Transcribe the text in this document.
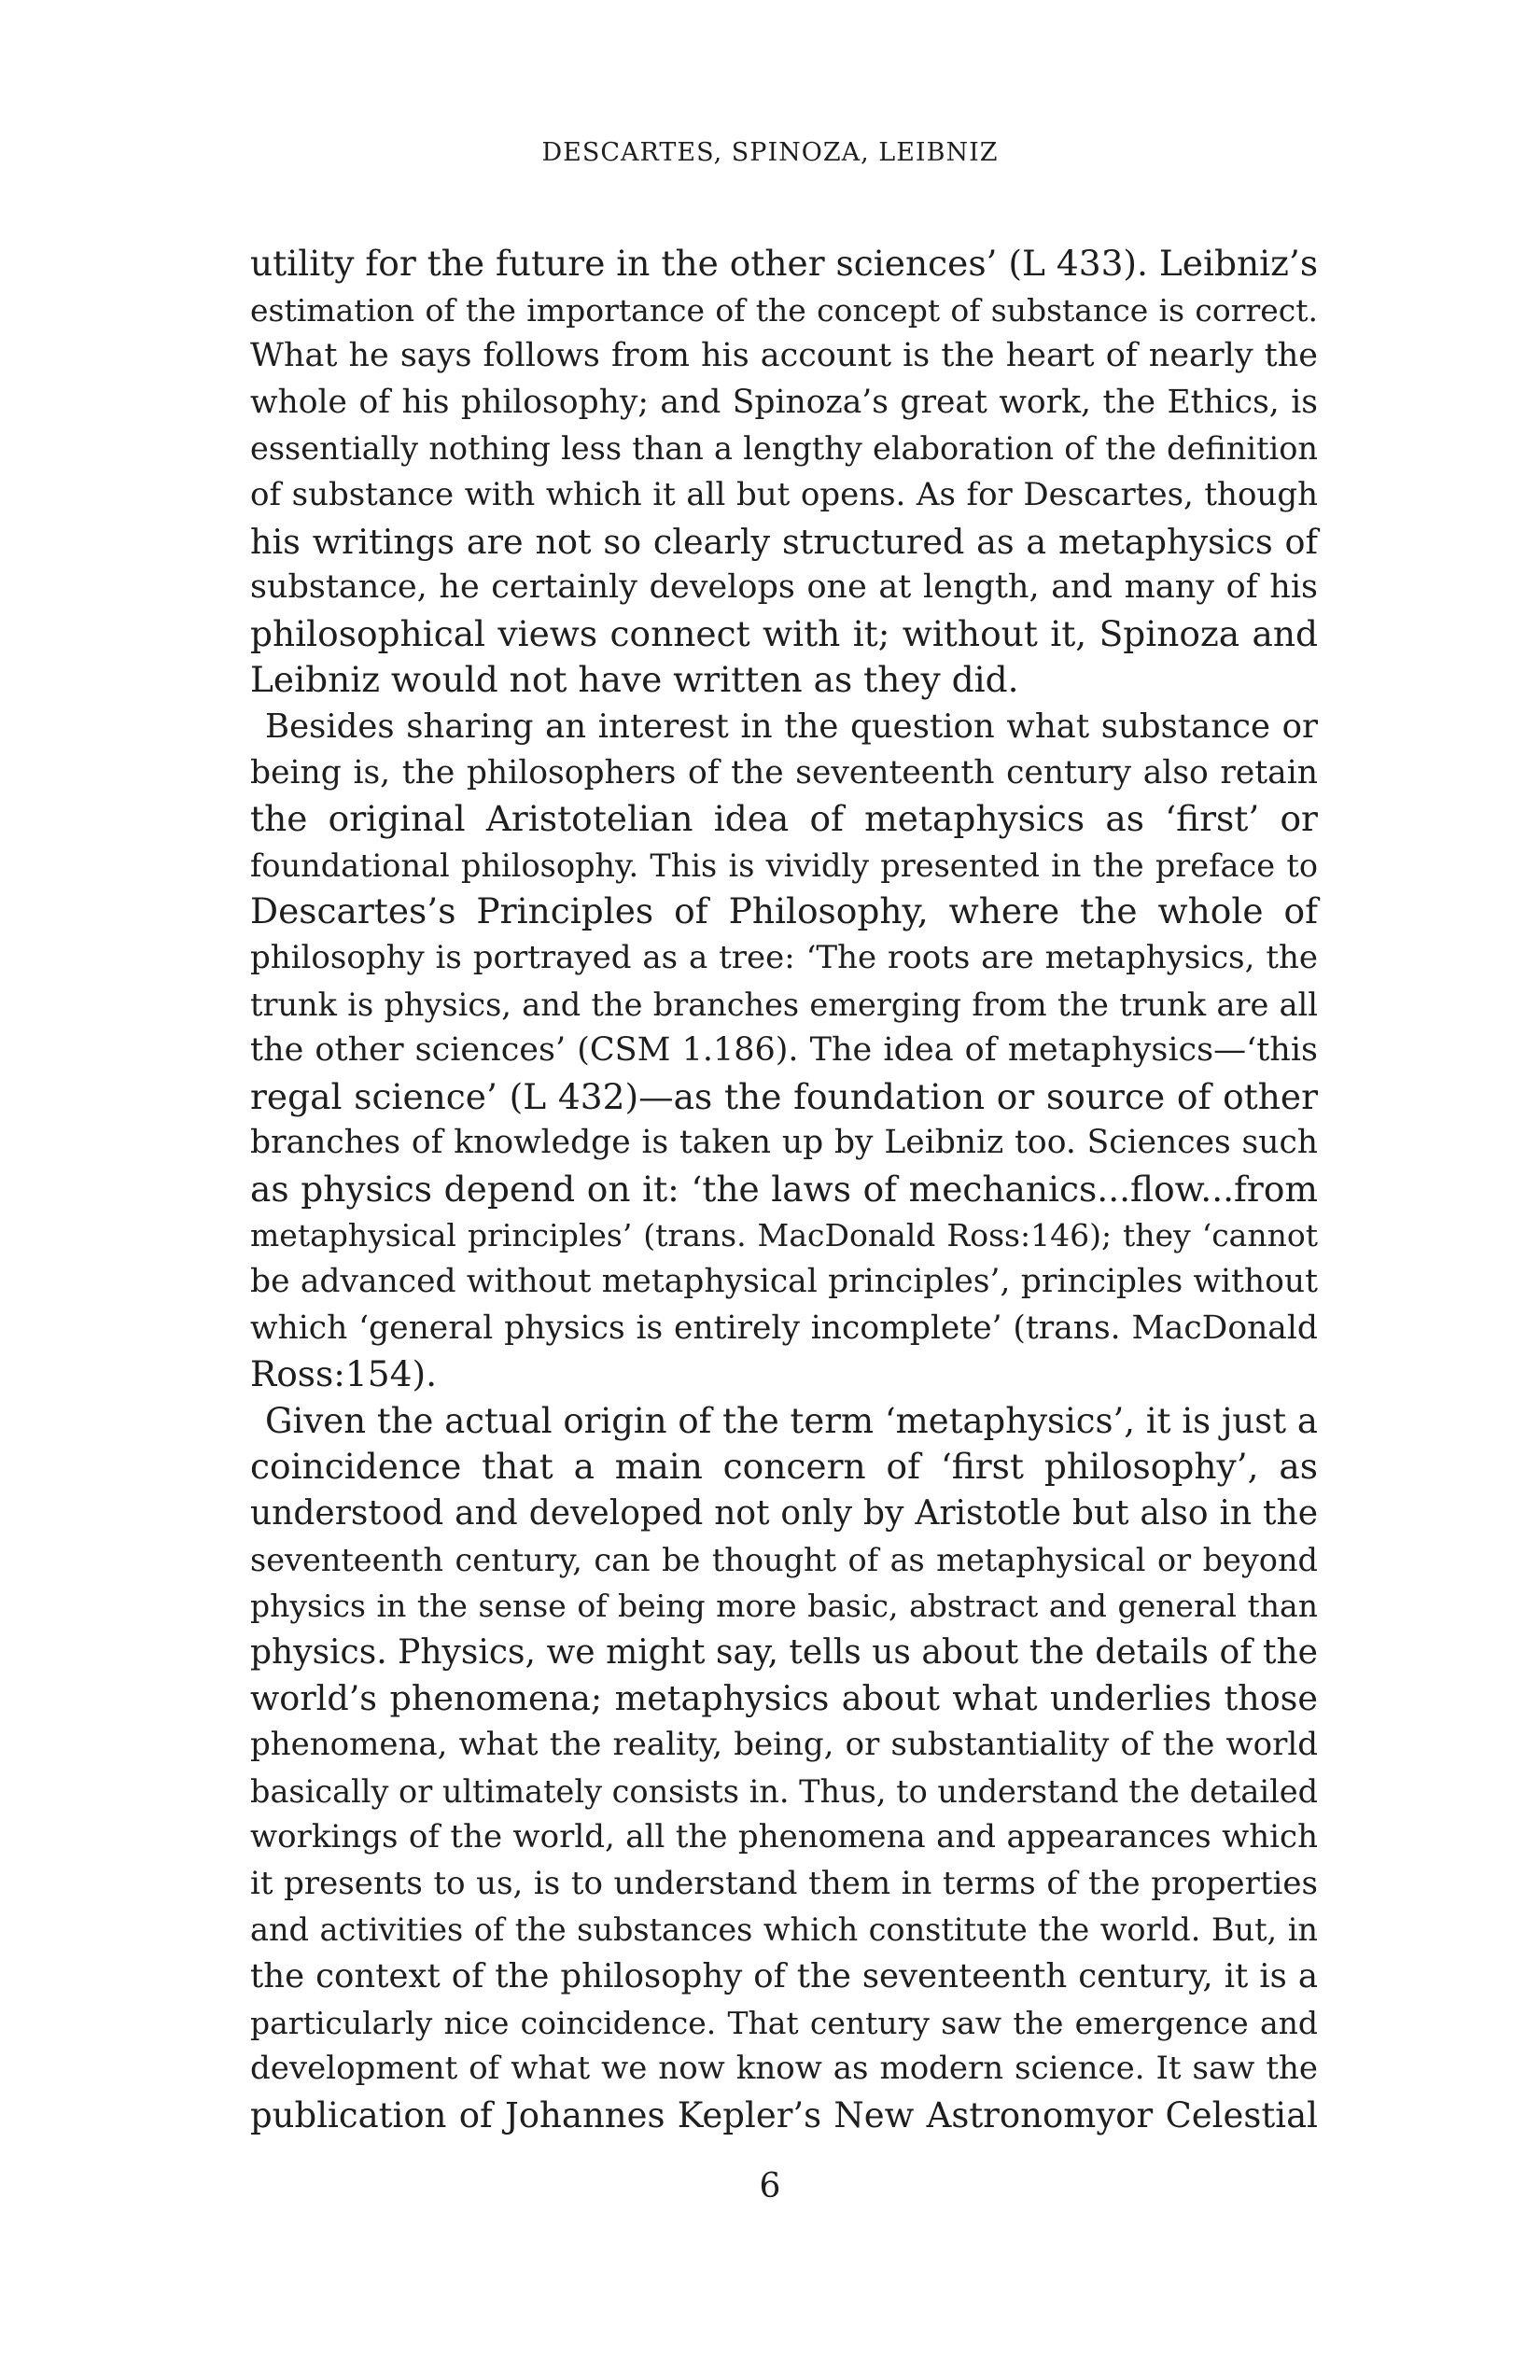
DESCARTES, SPINOZA, LEIBNIZ
utility for the future in the other sciences’ (L 433). Leibniz’s
estimation of the importance of the concept of substance is correct.
What he says follows from his account is the heart of nearly the
whole of his philosophy; and Spinoza’s great work, the Ethics, is
essentially nothing less than a lengthy elaboration of the definition
of substance with which it all but opens. As for Descartes, though
his writings are not so clearly structured as a metaphysics of
substance, he certainly develops one at length, and many of his
philosophical views connect with it; without it, Spinoza and
Leibniz would not have written as they did.
Besides sharing an interest in the question what substance or
being is, the philosophers of the seventeenth century also retain
the original Aristotelian idea of metaphysics as ‘first’ or
foundational philosophy. This is vividly presented in the preface to
Descartes’s Principles of Philosophy, where the whole of
philosophy is portrayed as a tree: ‘The roots are metaphysics, the
trunk is physics, and the branches emerging from the trunk are all
the other sciences’ (CSM 1.186). The idea of metaphysics—‘this
regal science’ (L 432)—as the foundation or source of other
branches of knowledge is taken up by Leibniz too. Sciences such
as physics depend on it: ‘the laws of mechanics...flow...from
metaphysical principles’ (trans. MacDonald Ross:146); they ‘cannot
be advanced without metaphysical principles’, principles without
which ‘general physics is entirely incomplete’ (trans. MacDonald
Ross:154).
Given the actual origin of the term ‘metaphysics’, it is just a
coincidence that a main concern of ‘first philosophy’, as
understood and developed not only by Aristotle but also in the
seventeenth century, can be thought of as metaphysical or beyond
physics in the sense of being more basic, abstract and general than
physics. Physics, we might say, tells us about the details of the
world’s phenomena; metaphysics about what underlies those
phenomena, what the reality, being, or substantiality of the world
basically or ultimately consists in. Thus, to understand the detailed
workings of the world, all the phenomena and appearances which
it presents to us, is to understand them in terms of the properties
and activities of the substances which constitute the world. But, in
the context of the philosophy of the seventeenth century, it is a
particularly nice coincidence. That century saw the emergence and
development of what we now know as modern science. It saw the
publication of Johannes Kepler’s New Astronomyor Celestial
6
